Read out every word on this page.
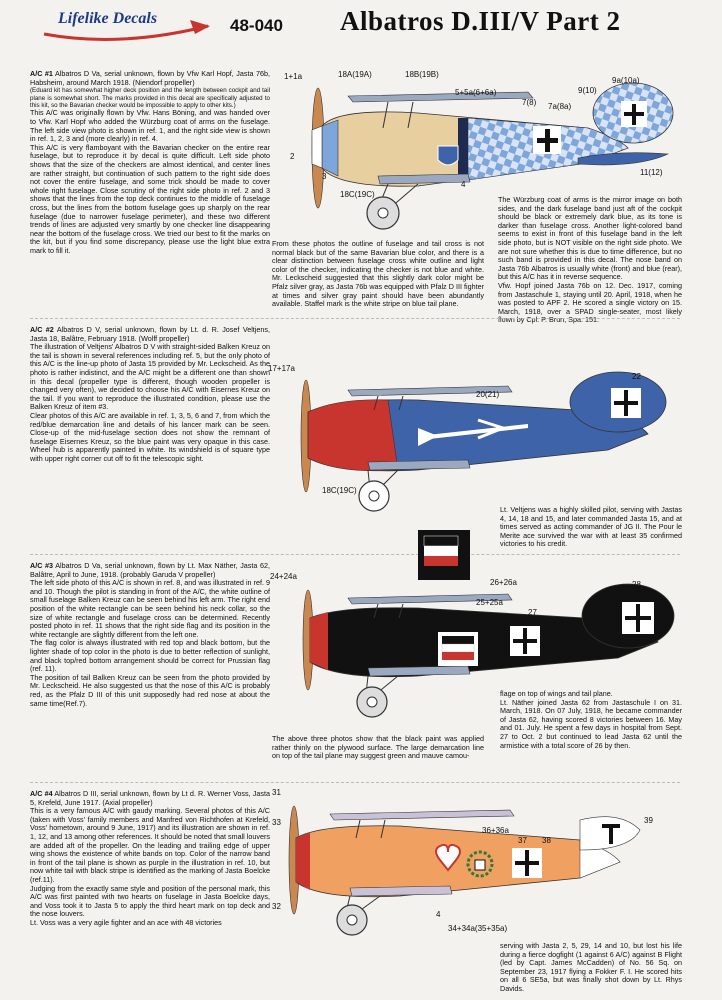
Lifelike Decals	48-040 Albatros D.III/V Part 2
A/C #1 Albatros D Va, serial unknown, flown by Vfw Karl Hopf, Jasta 76b, Habsheim, around March 1918. (Niendorf propeller)
(Eduard kit has somewhat higher deck position and the length between cockpit and tail plane is somewhat short. The marks provided in this decal are specifically adjusted to this kit, so the Bavarian checker would be impossible to apply to other kits.)
This A/C was originally flown by Vfw. Hans Böning, and was handed over to Vfw. Karl Hopf who added the Würzburg coat of arms on the fuselage. The left side view photo is shown in ref. 1, and the right side view is shown in ref. 1, 2, 3 and (more clearly) in ref. 4.
This A/C is very flamboyant with the Bavarian checker on the entire rear fuselage, but to reproduce it by decal is quite difficult. Left side photo shows that the size of the checkers are almost identical, and center lines are rather straight, but continuation of such pattern to the right side does not cover the entire fuselage, and some trick should be made to cover whole right fuselage. Close scrutiny of the right side photo in ref. 2 and 3 shows that the lines from the top deck continues to the middle of fuselage cross, but the lines from the bottom fuselage goes up sharply on the rear fuselage (due to narrower fuselage perimeter), and these two different trends of lines are adjusted very smartly by one checker line disappearing near the bottom of the fuselage cross. We tried our best to fit the marks on the kit, but if you find some discrepancy, please use the light blue extra mark to fill it.
1+1a	18A(19A)	18B(19B)
5+5a(6+6a)
7(8) 7a(8a)
9(10)
9a(10a)
2
3
18C(19C)
4
11(12)
From these photos the outline of fuselage and tail cross is not normal black but of the same Bavarian blue color, and there is a clear distinction between fuselage cross white outline and light color of the checker, indicating the checker is not blue and white. Mr. Leckscheid suggested that this slightly dark color might be Pfalz silver gray, as Jasta 76b was equipped with Pfalz D III fighter at times and silver gray paint should have been abundantly available. Staffel mark is the white stripe on blue tail plane.
The Würzburg coat of arms is the mirror image on both sides, and the dark fuselage band just aft of the cockpit should be black or extremely dark blue, as its tone is darker than fuselage cross. Another light-colored band seems to exist in front of this fuselage band in the left side photo, but is NOT visible on the right side photo. We are not sure whether this is due to time difference, but no such band is provided in this decal. The nose band on Jasta 76b Albatros is usually white (front) and blue (rear), but this A/C has it in reverse sequence.
Vfw. Hopf joined Jasta 76b on 12. Dec. 1917, coming from Jastaschule 1, staying until 20. April, 1918, when he was posted to APF 2. He scored a single victory on 15. March, 1918, over a SPAD single-seater, most likely flown by Cpl. P. Brun, Spa. 151.
A/C #2 Albatros D V, serial unknown, flown by Lt. d. R. Josef Veltjens, Jasta 18, Balâtre, February 1918. (Wolff propeller)
The illustration of Veltjens' Albatros D V with straight-sided Balken Kreuz on the tail is shown in several references including ref. 5, but the only photo of this A/C is the line-up photo of Jasta 15 provided by Mr. Leckscheid. As the photo is rather indistinct, and the A/C might be a different one than shown in this decal (propeller type is different, though wooden propeller is changed very often), we decided to choose his A/C with Eisernes Kreuz on the tail. If you want to reproduce the illustrated condition, please use the Balken Kreuz of item #3.
Clear photos of this A/C are available in ref. 1, 3, 5, 6 and 7, from which the red/blue demarcation line and details of his lancer mark can be seen. Close-up of the mid-fuselage section does not show the remnant of fuselage Eisernes Kreuz, so the blue paint was very opaque in this case. Wheel hub is apparently painted in white. Its windshield is of square type with upper right corner cut off to fit the telescopic sight.
17+17a
20(21)
22
18C(19C)
Lt. Veltjens was a highly skilled pilot, serving with Jastas 4, 14, 18 and 15, and later commanded Jasta 15, and at times served as acting commander of JG II. The Pour le Merite ace survived the war with at least 35 confirmed victories to his credit.
A/C #3 Albatros D Va, serial unknown, flown by Lt. Max Näther, Jasta 62, Balâtre, April to June, 1918. (probably Garuda V propeller)
The left side photo of this A/C is shown in ref. 8, and was illustrated in ref. 9 and 10. Though the pilot is standing in front of the A/C, the white outline of small fuselage Balken Kreuz can be seen behind his left arm. The right end position of the white rectangle can be seen behind his neck collar, so the size of white rectangle and fuselage cross can be determined. Recently posted photo in ref. 11 shows that the right side flag and its position in the white rectangle are slightly different from the left one.
The flag color is always illustrated with red top and black bottom, but the lighter shade of top color in the photo is due to better reflection of sunlight, and black top/red bottom arrangement should be correct for Prussian flag (ref. 11).
The position of tail Balken Kreuz can be seen from the photo provided by Mr. Leckscheid. He also suggested us that the nose of this A/C is probably red, as the Pfalz D III of this unit supposedly had red nose at about the same time(Ref.7).
24+24a
26+26a
25+25a
27
28
The above three photos show that the black paint was applied rather thinly on the plywood surface. The large demarcation line on top of the tail plane may suggest green and mauve camou-
flage on top of wings and tail plane.
Lt. Näther joined Jasta 62 from Jastaschule I on 31. March, 1918. On 07 July, 1918, he became commander of Jasta 62, having scored 8 victories between 16. May and 01. July. He spent a few days in hospital from Sept. 27 to Oct. 2 but continued to lead Jasta 62 until the armistice with a total score of 26 by then.
A/C #4 Albatros D III, serial unknown, flown by Lt d. R. Werner Voss, Jasta 5, Krefeld, June 1917. (Axial propeller)
This is a very famous A/C with gaudy marking. Several photos of this A/C (taken with Voss' family members and Manfred von Richthofen at Krefeld, Voss' hometown, around 9 June, 1917) and its illustration are shown in ref. 1, 12, and 13 among other references. It should be noted that small louvers are added aft of the propeller. On the leading and trailing edge of upper wing shows the existence of white bands on top. Color of the narrow band in front of the tail plane is shown as purple in the illustration in ref. 10, but now white tail with black stripe is identified as the marking of Jasta Boelcke (ref.11).
Judging from the exactly same style and position of the personal mark, this A/C was first painted with two hearts on fuselage in Jasta Boelcke days, and Voss took it to Jasta 5 to apply the third heart mark on top deck and the nose louvers.
Lt. Voss was a very agile fighter and an ace with 48 victories
31
33
36+36a
37 38
39
32
4
34+34a(35+35a)
serving with Jasta 2, 5, 29, 14 and 10, but lost his life during a fierce dogfight (1 against 6 A/C) against B Flight (led by Capt. James McCadden) of No. 56 Sq. on September 23, 1917 flying a Fokker F. I. He scored hits on all 6 SE5a, but was finally shot down by Lt. Rhys Davids.
